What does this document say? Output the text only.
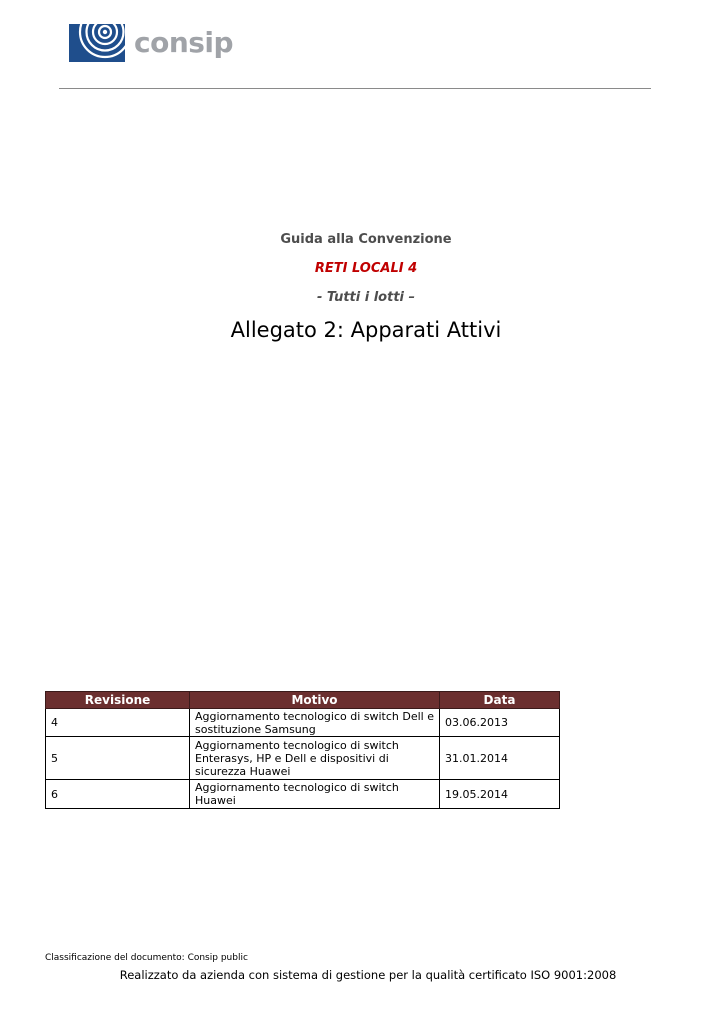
consip
Guida alla Convenzione
RETI LOCALI 4
- Tutti i lotti –
Allegato 2: Apparati Attivi
Revisione	Motivo	Data
4	Aggiornamento tecnologico di switch Dell e sostituzione Samsung	03.06.2013
5	Aggiornamento tecnologico di switch Enterasys, HP e Dell e dispositivi di sicurezza Huawei	31.01.2014
6	Aggiornamento tecnologico di switch Huawei	19.05.2014
Classificazione del documento: Consip public
Realizzato da azienda con sistema di gestione per la qualità certificato ISO 9001:2008
